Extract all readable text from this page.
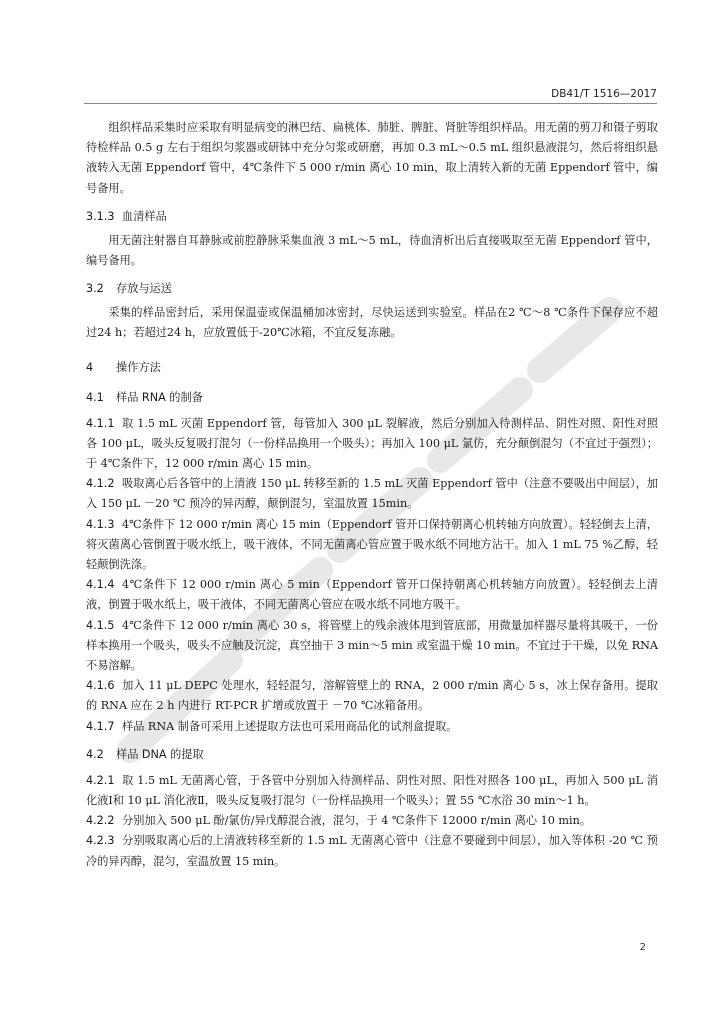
DB41/T 1516—2017

组织样品采集时应采取有明显病变的淋巴结、扁桃体、肺脏、脾脏、肾脏等组织样品。用无菌的剪刀和镊子剪取待检样品 0.5 g 左右于组织匀浆器或研钵中充分匀浆或研磨，再加 0.3 mL～0.5 mL 组织悬液混匀，然后将组织悬液转入无菌 Eppendorf 管中，4℃条件下 5 000 r/min 离心 10 min，取上清转入新的无菌 Eppendorf 管中，编号备用。

3.1.3 血清样品

用无菌注射器自耳静脉或前腔静脉采集血液 3 mL～5 mL，待血清析出后直接吸取至无菌 Eppendorf 管中，编号备用。

3.2 存放与运送

采集的样品密封后，采用保温壶或保温桶加冰密封，尽快运送到实验室。样品在2 ℃～8 ℃条件下保存应不超过24 h；若超过24 h，应放置低于-20℃冰箱，不宜反复冻融。

4 操作方法

4.1 样品 RNA 的制备

4.1.1 取 1.5 mL 灭菌 Eppendorf 管，每管加入 300 μL 裂解液，然后分别加入待测样品、阴性对照、阳性对照各 100 μL，吸头反复吸打混匀（一份样品换用一个吸头）；再加入 100 μL 氯仿，充分颠倒混匀（不宜过于强烈）；于 4℃条件下，12 000 r/min 离心 15 min。

4.1.2 吸取离心后各管中的上清液 150 μL 转移至新的 1.5 mL 灭菌 Eppendorf 管中（注意不要吸出中间层），加入 150 μL －20 ℃ 预冷的异丙醇，颠倒混匀，室温放置 15min。

4.1.3 4℃条件下 12 000 r/min 离心 15 min（Eppendorf 管开口保持朝离心机转轴方向放置）。轻轻倒去上清，将灭菌离心管倒置于吸水纸上，吸干液体，不同无菌离心管应置于吸水纸不同地方沾干。加入 1 mL 75 %乙醇，轻轻颠倒洗涤。

4.1.4 4℃条件下 12 000 r/min 离心 5 min（Eppendorf 管开口保持朝离心机转轴方向放置）。轻轻倒去上清液，倒置于吸水纸上，吸干液体，不同无菌离心管应在吸水纸不同地方吸干。

4.1.5 4℃条件下 12 000 r/min 离心 30 s，将管壁上的残余液体甩到管底部，用微量加样器尽量将其吸干，一份样本换用一个吸头，吸头不应触及沉淀，真空抽干 3 min～5 min 或室温干燥 10 min。不宜过于干燥，以免 RNA 不易溶解。

4.1.6 加入 11 μL DEPC 处理水，轻轻混匀，溶解管壁上的 RNA，2 000 r/min 离心 5 s，冰上保存备用。提取的 RNA 应在 2 h 内进行 RT-PCR 扩增或放置于 －70 ℃冰箱备用。

4.1.7 样品 RNA 制备可采用上述提取方法也可采用商品化的试剂盒提取。

4.2 样品 DNA 的提取

4.2.1 取 1.5 mL 无菌离心管，于各管中分别加入待测样品、阴性对照、阳性对照各 100 μL，再加入 500 μL 消化液Ⅰ和 10 μL 消化液Ⅱ，吸头反复吸打混匀（一份样品换用一个吸头）；置 55 ℃水浴 30 min～1 h。

4.2.2 分别加入 500 μL 酚/氯仿/异戊醇混合液，混匀，于 4 ℃条件下 12000 r/min 离心 10 min。

4.2.3 分别吸取离心后的上清液转移至新的 1.5 mL 无菌离心管中（注意不要碰到中间层），加入等体积 -20 ℃ 预冷的异丙醇，混匀，室温放置 15 min。

2
